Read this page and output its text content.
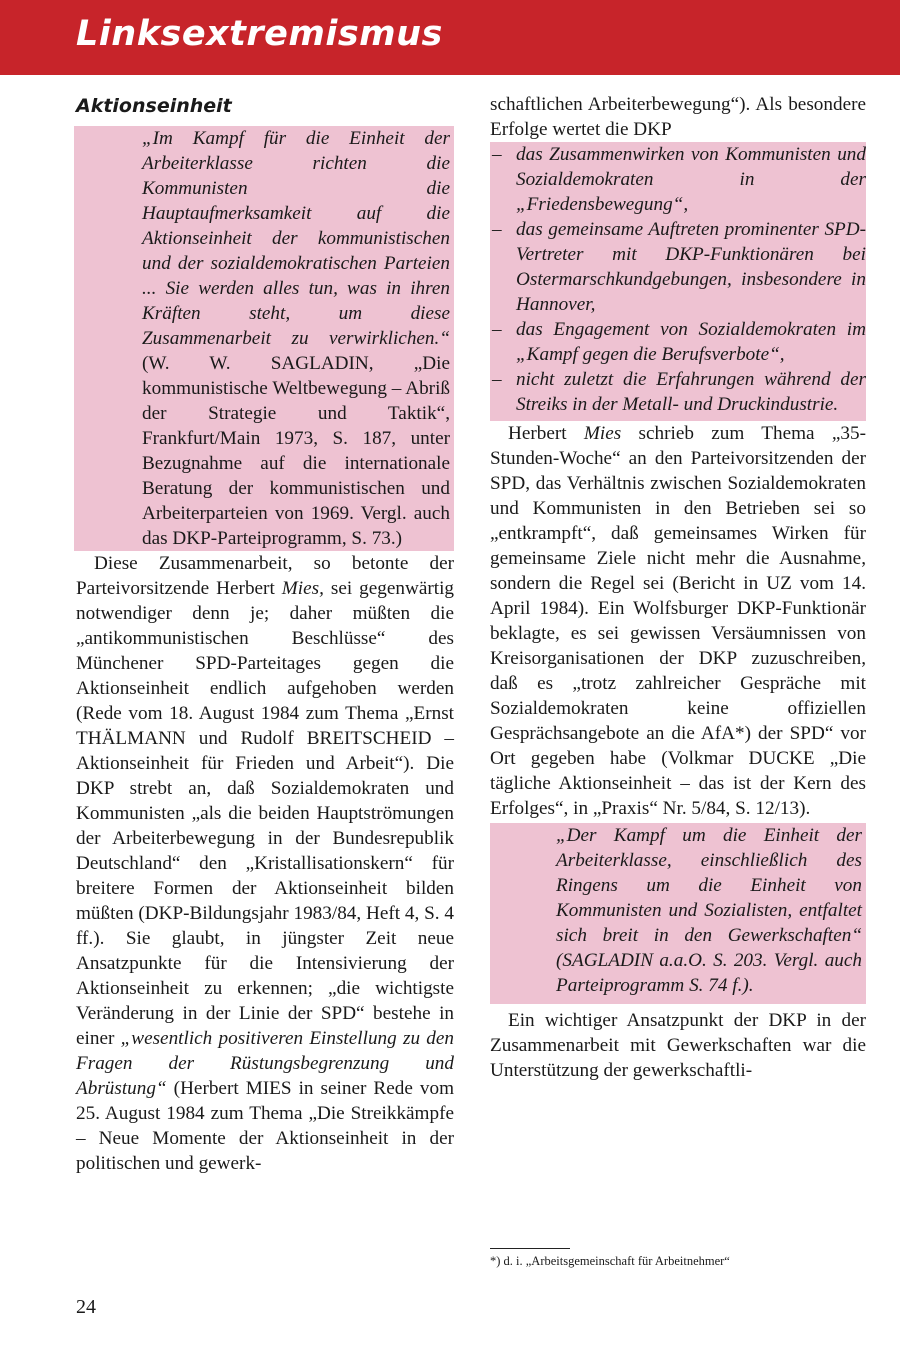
Linksextremismus
Aktionseinheit
„Im Kampf für die Einheit der Arbeiterklasse richten die Kommunisten die Hauptaufmerksamkeit auf die Aktionseinheit der kommunistischen und der sozialdemokratischen Parteien ... Sie werden alles tun, was in ihren Kräften steht, um diese Zusammenarbeit zu verwirklichen.“ (W. W. SAGLADIN, „Die kommunistische Weltbewegung – Abriß der Strategie und Taktik“, Frankfurt/Main 1973, S. 187, unter Bezugnahme auf die internationale Beratung der kommunistischen und Arbeiterparteien von 1969. Vergl. auch das DKP-Parteiprogramm, S. 73.)

Diese Zusammenarbeit, so betonte der Parteivorsitzende Herbert Mies, sei gegenwärtig notwendiger denn je; daher müßten die „antikommunistischen Beschlüsse“ des Münchener SPD-Parteitages gegen die Aktionseinheit endlich aufgehoben werden (Rede vom 18. August 1984 zum Thema „Ernst THÄLMANN und Rudolf BREITSCHEID – Aktionseinheit für Frieden und Arbeit“). Die DKP strebt an, daß Sozialdemokraten und Kommunisten „als die beiden Hauptströmungen der Arbeiterbewegung in der Bundesrepublik Deutschland“ den „Kristallisationskern“ für breitere Formen der Aktionseinheit bilden müßten (DKP-Bildungsjahr 1983/84, Heft 4, S. 4 ff.). Sie glaubt, in jüngster Zeit neue Ansatzpunkte für die Intensivierung der Aktionseinheit zu erkennen; „die wichtigste Veränderung in der Linie der SPD“ bestehe in einer „wesentlich positiveren Einstellung zu den Fragen der Rüstungsbegrenzung und Abrüstung“ (Herbert MIES in seiner Rede vom 25. August 1984 zum Thema „Die Streikkämpfe – Neue Momente der Aktionseinheit in der politischen und gewerk-

schaftlichen Arbeiterbewegung“). Als besondere Erfolge wertet die DKP

– das Zusammenwirken von Kommunisten und Sozialdemokraten in der „Friedensbewegung“,
– das gemeinsame Auftreten prominenter SPD-Vertreter mit DKP-Funktionären bei Ostermarschkundgebungen, insbesondere in Hannover,
– das Engagement von Sozialdemokraten im „Kampf gegen die Berufsverbote“,
– nicht zuletzt die Erfahrungen während der Streiks in der Metall- und Druckindustrie.

Herbert Mies schrieb zum Thema „35-Stunden-Woche“ an den Parteivorsitzenden der SPD, das Verhältnis zwischen Sozialdemokraten und Kommunisten in den Betrieben sei so „entkrampft“, daß gemeinsames Wirken für gemeinsame Ziele nicht mehr die Ausnahme, sondern die Regel sei (Bericht in UZ vom 14. April 1984). Ein Wolfsburger DKP-Funktionär beklagte, es sei gewissen Versäumnissen von Kreisorganisationen der DKP zuzuschreiben, daß es „trotz zahlreicher Gespräche mit Sozialdemokraten keine offiziellen Gesprächsangebote an die AfA*) der SPD“ vor Ort gegeben habe (Volkmar DUCKE „Die tägliche Aktionseinheit – das ist der Kern des Erfolges“, in „Praxis“ Nr. 5/84, S. 12/13).

„Der Kampf um die Einheit der Arbeiterklasse, einschließlich des Ringens um die Einheit von Kommunisten und Sozialisten, entfaltet sich breit in den Gewerkschaften“ (SAGLADIN a.a.O. S. 203. Vergl. auch Parteiprogramm S. 74 f.).

Ein wichtiger Ansatzpunkt der DKP in der Zusammenarbeit mit Gewerkschaften war die Unterstützung der gewerkschaftli-

*) d. i. „Arbeitsgemeinschaft für Arbeitnehmer“
24
